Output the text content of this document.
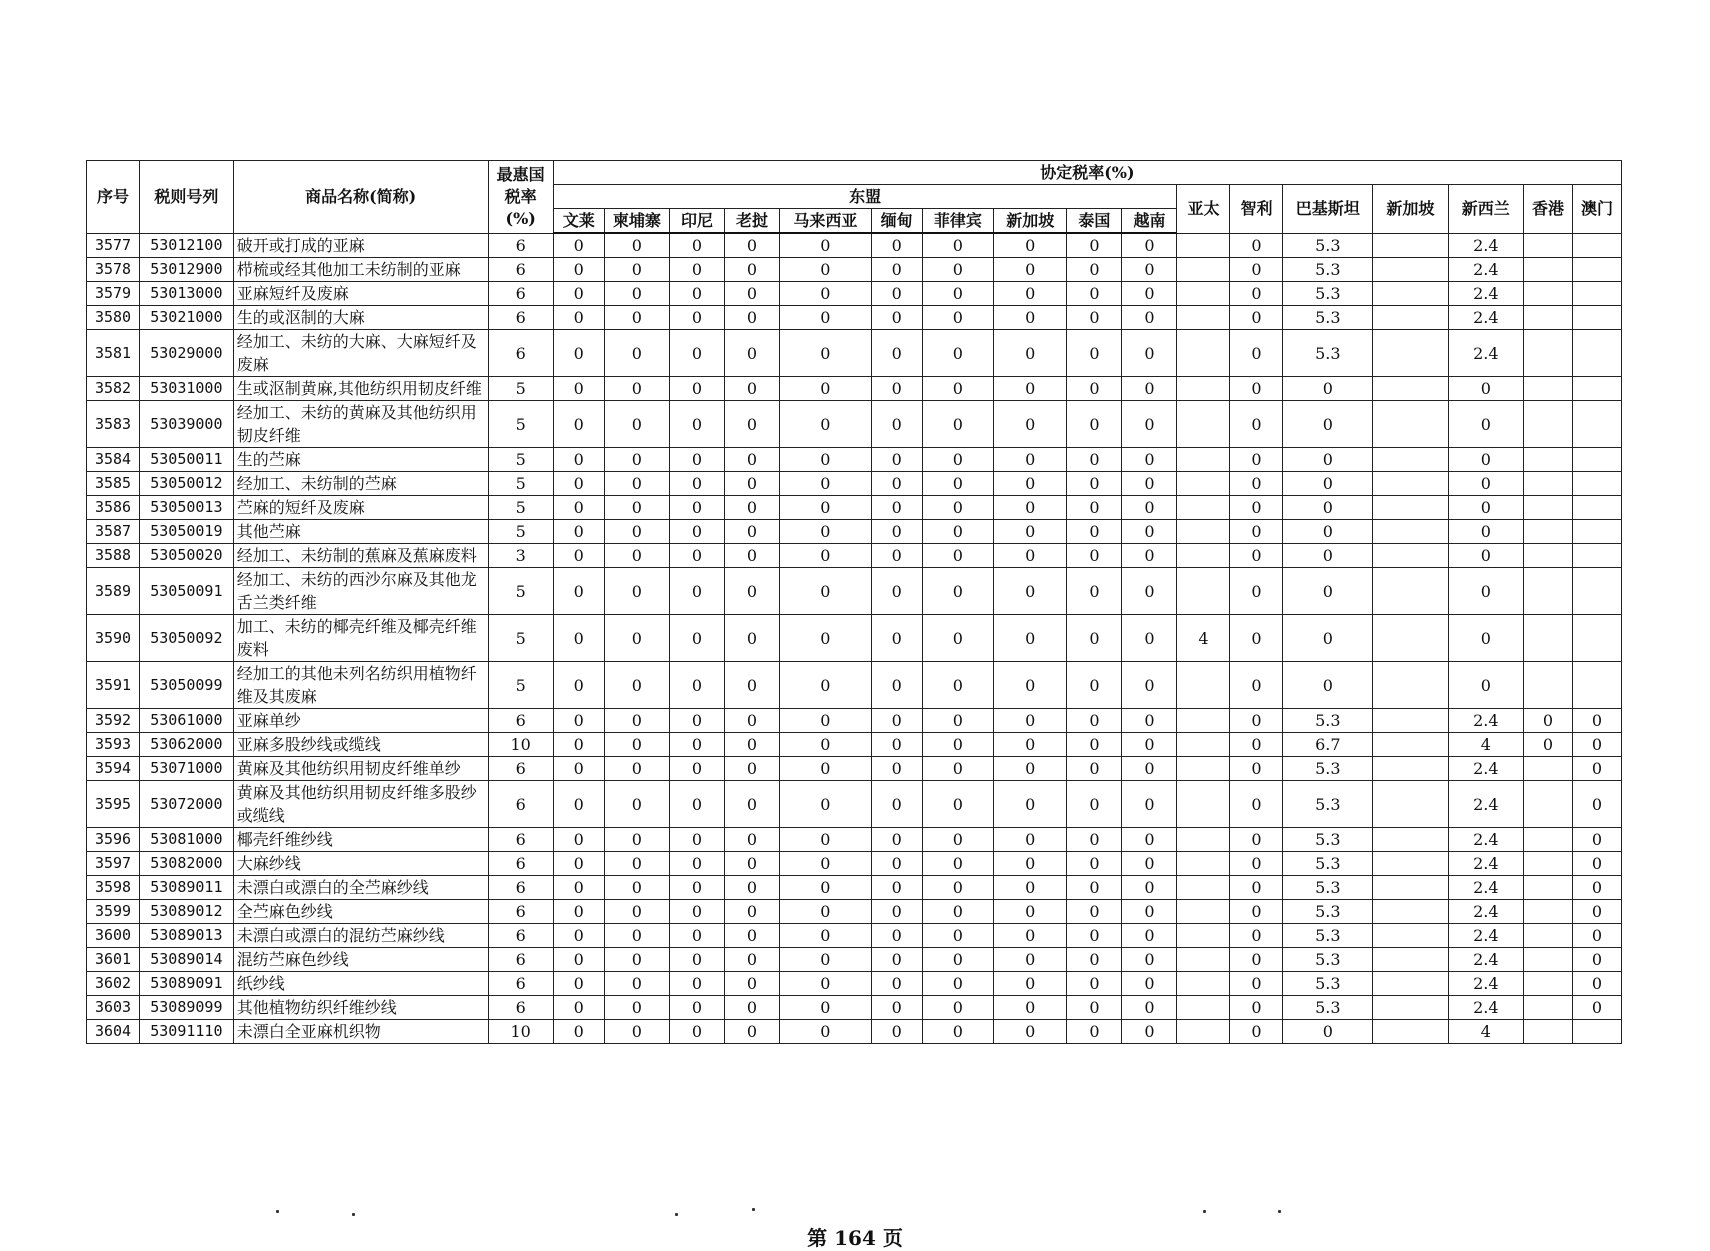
序号	税则号列	商品名称(简称)	最惠国
税率
(%)	协定税率(%)																
				东盟										亚太	智利	巴基斯坦	新加坡	新西兰	香港	澳门
				文莱	柬埔寨	印尼	老挝	马来西亚	缅甸	菲律宾	新加坡	泰国	越南							
3577	53012100	破开或打成的亚麻	6	0	0	0	0	0	0	0	0	0	0		0	5.3		2.4		
3578	53012900	栉梳或经其他加工未纺制的亚麻	6	0	0	0	0	0	0	0	0	0	0		0	5.3		2.4		
3579	53013000	亚麻短纤及废麻	6	0	0	0	0	0	0	0	0	0	0		0	5.3		2.4		
3580	53021000	生的或沤制的大麻	6	0	0	0	0	0	0	0	0	0	0		0	5.3		2.4		
3581	53029000	经加工、未纺的大麻、大麻短纤及废麻	6	0	0	0	0	0	0	0	0	0	0		0	5.3		2.4		
3582	53031000	生或沤制黄麻,其他纺织用韧皮纤维	5	0	0	0	0	0	0	0	0	0	0		0	0		0		
3583	53039000	经加工、未纺的黄麻及其他纺织用韧皮纤维	5	0	0	0	0	0	0	0	0	0	0		0	0		0		
3584	53050011	生的苎麻	5	0	0	0	0	0	0	0	0	0	0		0	0		0		
3585	53050012	经加工、未纺制的苎麻	5	0	0	0	0	0	0	0	0	0	0		0	0		0		
3586	53050013	苎麻的短纤及废麻	5	0	0	0	0	0	0	0	0	0	0		0	0		0		
3587	53050019	其他苎麻	5	0	0	0	0	0	0	0	0	0	0		0	0		0		
3588	53050020	经加工、未纺制的蕉麻及蕉麻废料	3	0	0	0	0	0	0	0	0	0	0		0	0		0		
3589	53050091	经加工、未纺的西沙尔麻及其他龙舌兰类纤维	5	0	0	0	0	0	0	0	0	0	0		0	0		0		
3590	53050092	加工、未纺的椰壳纤维及椰壳纤维废料	5	0	0	0	0	0	0	0	0	0	0	4	0	0		0		
3591	53050099	经加工的其他未列名纺织用植物纤维及其废麻	5	0	0	0	0	0	0	0	0	0	0		0	0		0		
3592	53061000	亚麻单纱	6	0	0	0	0	0	0	0	0	0	0		0	5.3		2.4	0	0
3593	53062000	亚麻多股纱线或缆线	10	0	0	0	0	0	0	0	0	0	0		0	6.7		4	0	0
3594	53071000	黄麻及其他纺织用韧皮纤维单纱	6	0	0	0	0	0	0	0	0	0	0		0	5.3		2.4		0
3595	53072000	黄麻及其他纺织用韧皮纤维多股纱或缆线	6	0	0	0	0	0	0	0	0	0	0		0	5.3		2.4		0
3596	53081000	椰壳纤维纱线	6	0	0	0	0	0	0	0	0	0	0		0	5.3		2.4		0
3597	53082000	大麻纱线	6	0	0	0	0	0	0	0	0	0	0		0	5.3		2.4		0
3598	53089011	未漂白或漂白的全苎麻纱线	6	0	0	0	0	0	0	0	0	0	0		0	5.3		2.4		0
3599	53089012	全苎麻色纱线	6	0	0	0	0	0	0	0	0	0	0		0	5.3		2.4		0
3600	53089013	未漂白或漂白的混纺苎麻纱线	6	0	0	0	0	0	0	0	0	0	0		0	5.3		2.4		0
3601	53089014	混纺苎麻色纱线	6	0	0	0	0	0	0	0	0	0	0		0	5.3		2.4		0
3602	53089091	纸纱线	6	0	0	0	0	0	0	0	0	0	0		0	5.3		2.4		0
3603	53089099	其他植物纺织纤维纱线	6	0	0	0	0	0	0	0	0	0	0		0	5.3		2.4		0
3604	53091110	未漂白全亚麻机织物	10	0	0	0	0	0	0	0	0	0	0		0	0		4		
第 164 页
